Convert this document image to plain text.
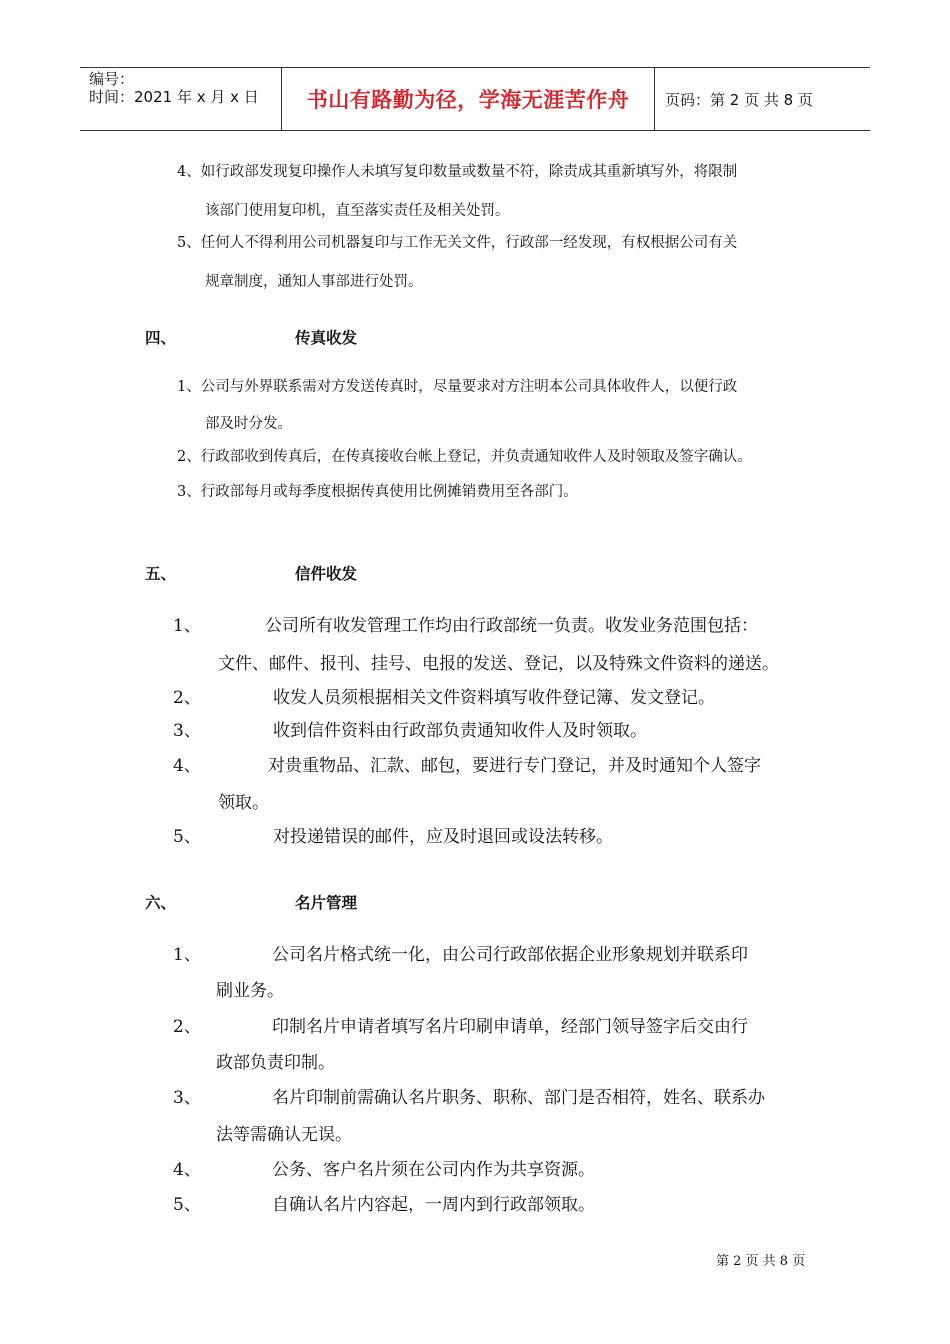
编号：
时间：2021 年 x 月 x 日	书山有路勤为径，学海无涯苦作舟	页码：第 2 页 共 8 页
4、如行政部发现复印操作人未填写复印数量或数量不符，除责成其重新填写外，将限制
该部门使用复印机，直至落实责任及相关处罚。
5、任何人不得利用公司机器复印与工作无关文件，行政部一经发现，有权根据公司有关
规章制度，通知人事部进行处罚。
四、	传真收发
1、公司与外界联系需对方发送传真时，尽量要求对方注明本公司具体收件人，以便行政
部及时分发。
2、行政部收到传真后，在传真接收台帐上登记，并负责通知收件人及时领取及签字确认。
3、行政部每月或每季度根据传真使用比例摊销费用至各部门。
五、	信件收发
1、	公司所有收发管理工作均由行政部统一负责。收发业务范围包括：
文件、邮件、报刊、挂号、电报的发送、登记，以及特殊文件资料的递送。
2、	收发人员须根据相关文件资料填写收件登记簿、发文登记。
3、	收到信件资料由行政部负责通知收件人及时领取。
4、	对贵重物品、汇款、邮包，要进行专门登记，并及时通知个人签字
领取。
5、	对投递错误的邮件，应及时退回或设法转移。
六、	名片管理
1、	公司名片格式统一化，由公司行政部依据企业形象规划并联系印
刷业务。
2、	印制名片申请者填写名片印刷申请单，经部门领导签字后交由行
政部负责印制。
3、	名片印制前需确认名片职务、职称、部门是否相符，姓名、联系办
法等需确认无误。
4、	公务、客户名片须在公司内作为共享资源。
5、	自确认名片内容起，一周内到行政部领取。
第 2 页 共 8 页
